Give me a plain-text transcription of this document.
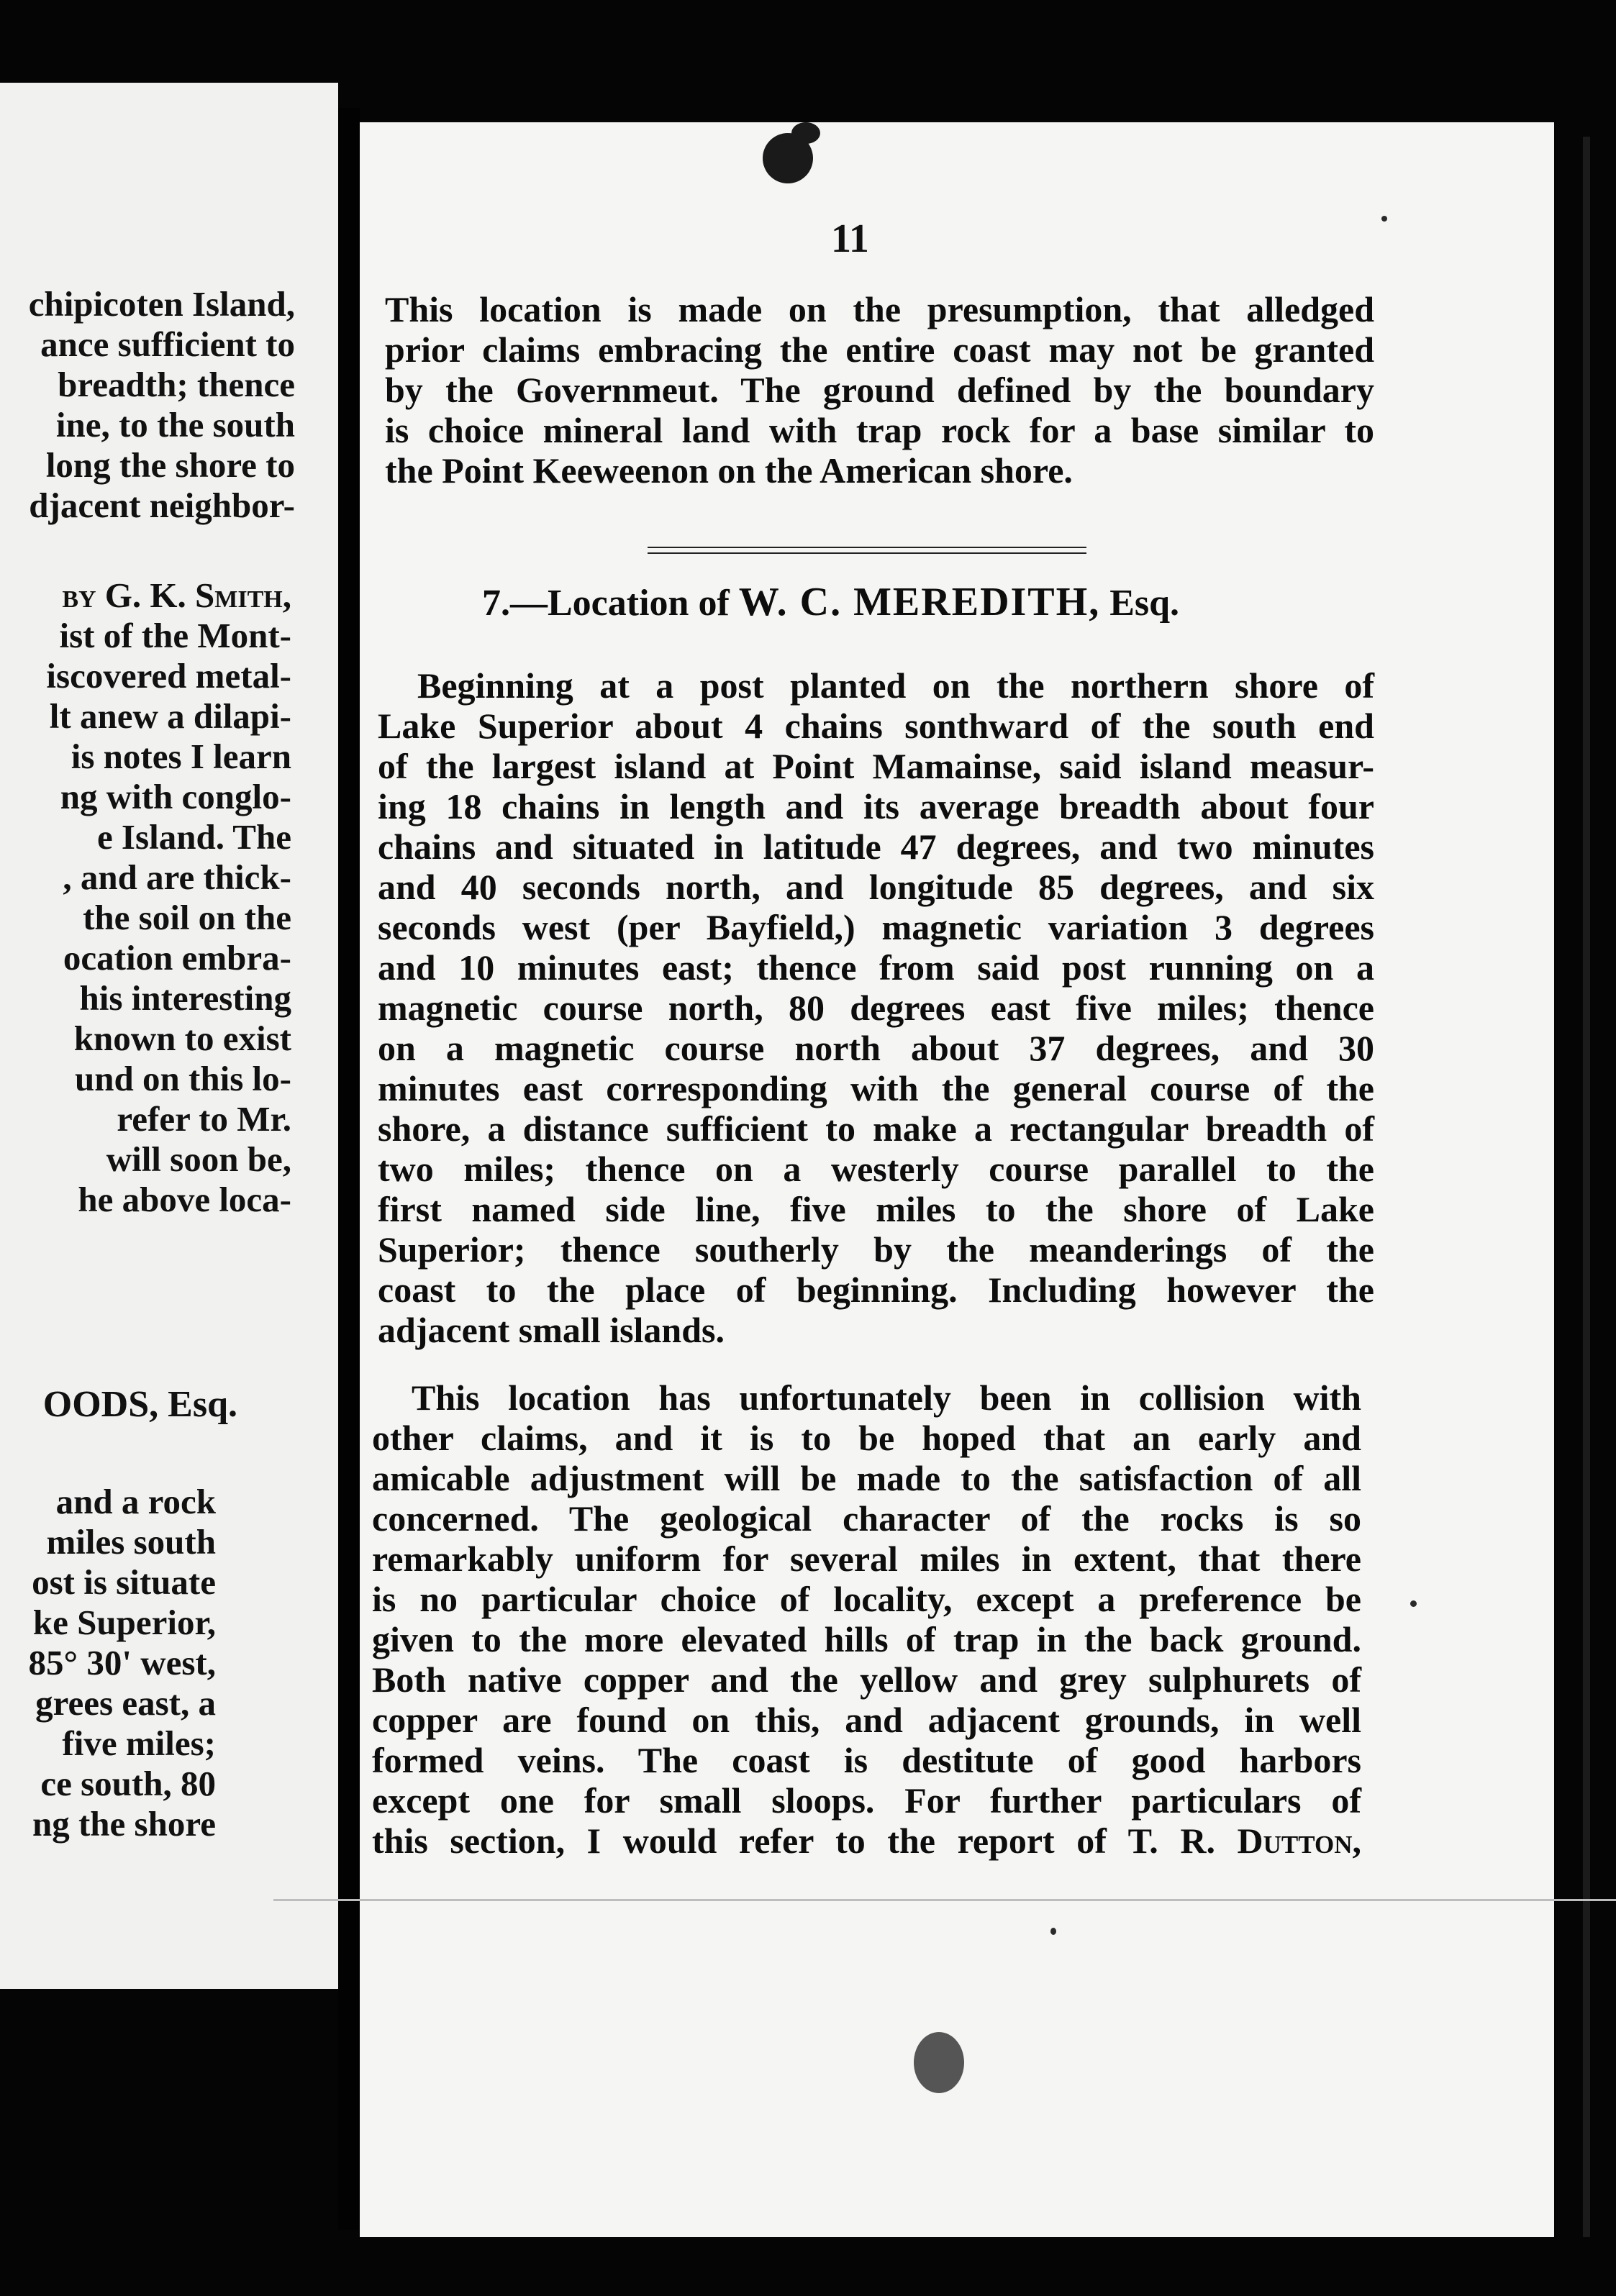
chipicoten Island,
ance sufficient to
breadth; thence
ine, to the south
long the shore to
djacent neighbor-
by G. K. Smith,
ist of the Mont-
iscovered metal-
lt anew a dilapi-
is notes I learn
ng with conglo-
e Island. The
, and are thick-
the soil on the
ocation embra-
his interesting
known to exist
und on this lo-
refer to Mr.
will soon be,
he above loca-
OODS, Esq.
and a rock
miles south
ost is situate
ke Superior,
85° 30' west,
grees east, a
five miles;
ce south, 80
ng the shore

11

This location is made on the presumption, that alledged
prior claims embracing the entire coast may not be granted
by the Governmeut. The ground defined by the boundary
is choice mineral land with trap rock for a base similar to
the Point Keeweenon on the American shore.

7.—Location of W. C. MEREDITH, Esq.

Beginning at a post planted on the northern shore of
Lake Superior about 4 chains sonthward of the south end
of the largest island at Point Mamainse, said island measur-
ing 18 chains in length and its average breadth about four
chains and situated in latitude 47 degrees, and two minutes
and 40 seconds north, and longitude 85 degrees, and six
seconds west (per Bayfield,) magnetic variation 3 degrees
and 10 minutes east; thence from said post running on a
magnetic course north, 80 degrees east five miles; thence
on a magnetic course north about 37 degrees, and 30
minutes east corresponding with the general course of the
shore, a distance sufficient to make a rectangular breadth of
two miles; thence on a westerly course parallel to the
first named side line, five miles to the shore of Lake
Superior; thence southerly by the meanderings of the
coast to the place of beginning. Including however the
adjacent small islands.

This location has unfortunately been in collision with
other claims, and it is to be hoped that an early and
amicable adjustment will be made to the satisfaction of all
concerned. The geological character of the rocks is so
remarkably uniform for several miles in extent, that there
is no particular choice of locality, except a preference be
given to the more elevated hills of trap in the back ground.
Both native copper and the yellow and grey sulphurets of
copper are found on this, and adjacent grounds, in well
formed veins. The coast is destitute of good harbors
except one for small sloops. For further particulars of
this section, I would refer to the report of T. R. Dutton,
